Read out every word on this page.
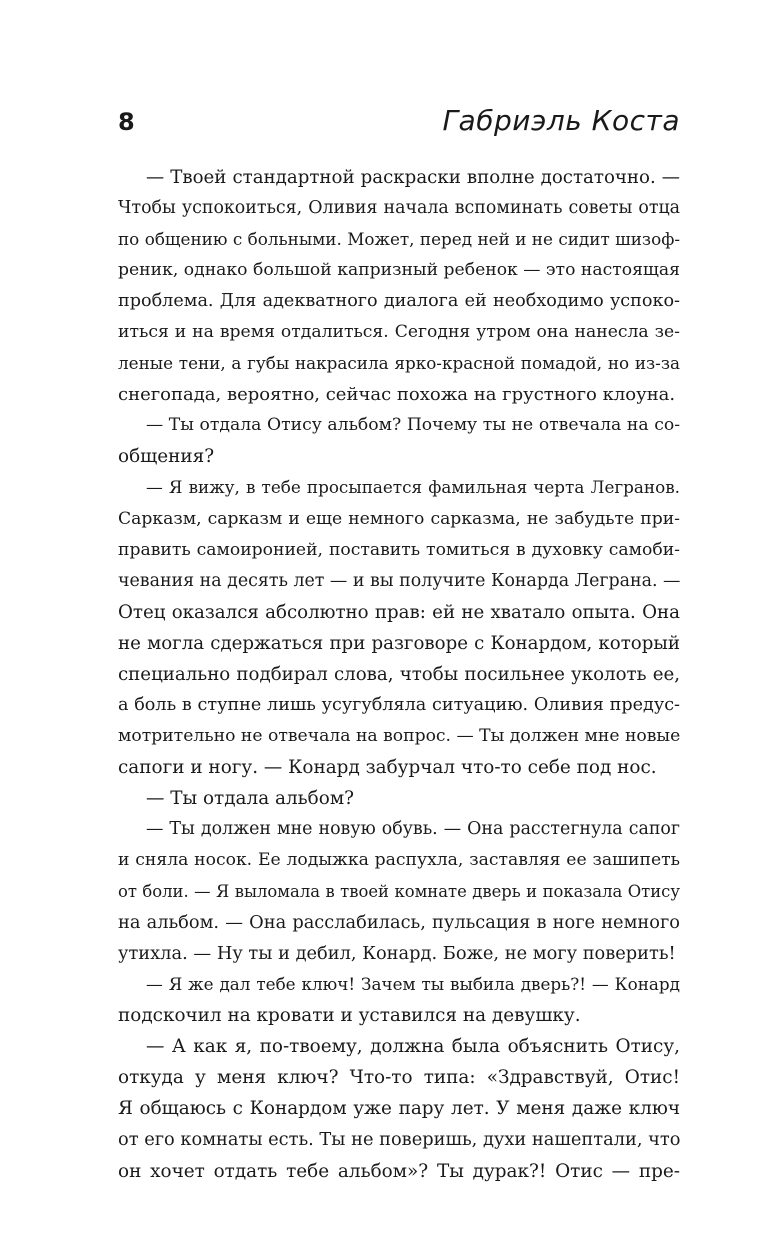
8	Габриэль Коста
— Твоей стандартной раскраски вполне достаточно. —
Чтобы успокоиться, Оливия начала вспоминать советы отца
по общению с больными. Может, перед ней и не сидит шизоф-
реник, однако большой капризный ребенок — это настоящая
проблема. Для адекватного диалога ей необходимо успоко-
иться и на время отдалиться. Сегодня утром она нанесла зе-
леные тени, а губы накрасила ярко-красной помадой, но из-за
снегопада, вероятно, сейчас похожа на грустного клоуна.
— Ты отдала Отису альбом? Почему ты не отвечала на со-
общения?
— Я вижу, в тебе просыпается фамильная черта Легранов.
Сарказм, сарказм и еще немного сарказма, не забудьте при-
править самоиронией, поставить томиться в духовку самоби-
чевания на десять лет — и вы получите Конарда Леграна. —
Отец оказался абсолютно прав: ей не хватало опыта. Она
не могла сдержаться при разговоре с Конардом, который
специально подбирал слова, чтобы посильнее уколоть ее,
а боль в ступне лишь усугубляла ситуацию. Оливия предус-
мотрительно не отвечала на вопрос. — Ты должен мне новые
сапоги и ногу. — Конард забурчал что-то себе под нос.
— Ты отдала альбом?
— Ты должен мне новую обувь. — Она расстегнула сапог
и сняла носок. Ее лодыжка распухла, заставляя ее зашипеть
от боли. — Я выломала в твоей комнате дверь и показала Отису
на альбом. — Она расслабилась, пульсация в ноге немного
утихла. — Ну ты и дебил, Конард. Боже, не могу поверить!
— Я же дал тебе ключ! Зачем ты выбила дверь?! — Конард
подскочил на кровати и уставился на девушку.
— А как я, по-твоему, должна была объяснить Отису,
откуда у меня ключ? Что-то типа: «Здравствуй, Отис!
Я общаюсь с Конардом уже пару лет. У меня даже ключ
от его комнаты есть. Ты не поверишь, духи нашептали, что
он хочет отдать тебе альбом»? Ты дурак?! Отис — пре-
